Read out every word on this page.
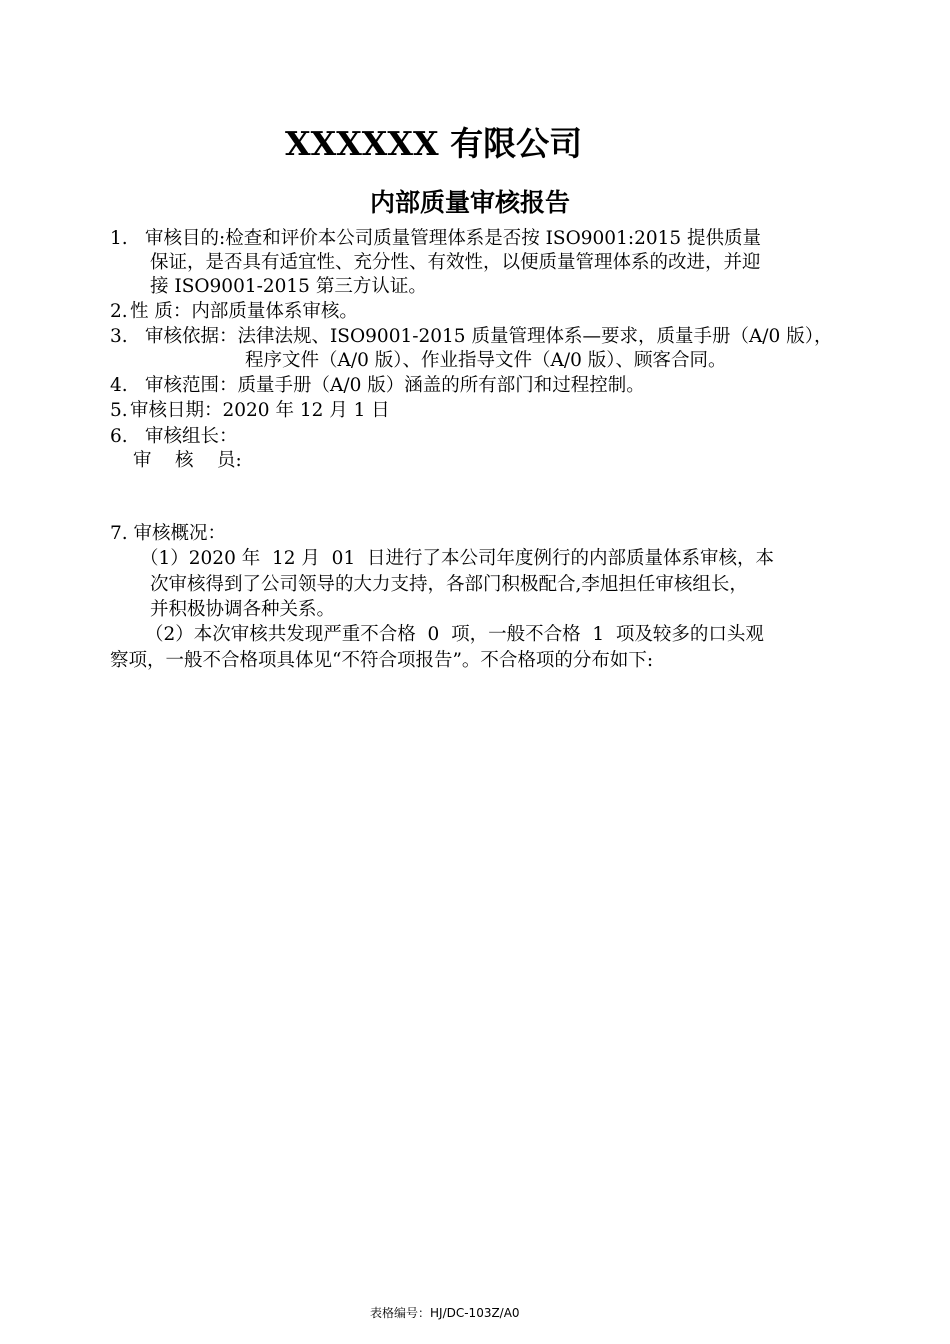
XXXXXX 有限公司
内部质量审核报告
1. 审核目的:检查和评价本公司质量管理体系是否按 ISO9001:2015 提供质量
保证，是否具有适宜性、充分性、有效性，以便质量管理体系的改进，并迎
接 ISO9001-2015 第三方认证。
2. 性 质：内部质量体系审核。
3. 审核依据：法律法规、ISO9001-2015 质量管理体系—要求，质量手册（A/0 版），
程序文件（A/0 版）、作业指导文件（A/0 版）、顾客合同。
4. 审核范围：质量手册（A/0 版）涵盖的所有部门和过程控制。
5. 审核日期：2020 年 12 月 1 日
6. 审核组长：
审    核    员:
7. 审核概况：
（1）2020 年  12 月  01  日进行了本公司年度例行的内部质量体系审核，本
次审核得到了公司领导的大力支持，各部门积极配合,李旭担任审核组长，
并积极协调各种关系。
（2）本次审核共发现严重不合格  0  项，一般不合格  1  项及较多的口头观
察项，一般不合格项具体见“不符合项报告”。不合格项的分布如下:
表格编号：HJ/DC-103Z/A0
